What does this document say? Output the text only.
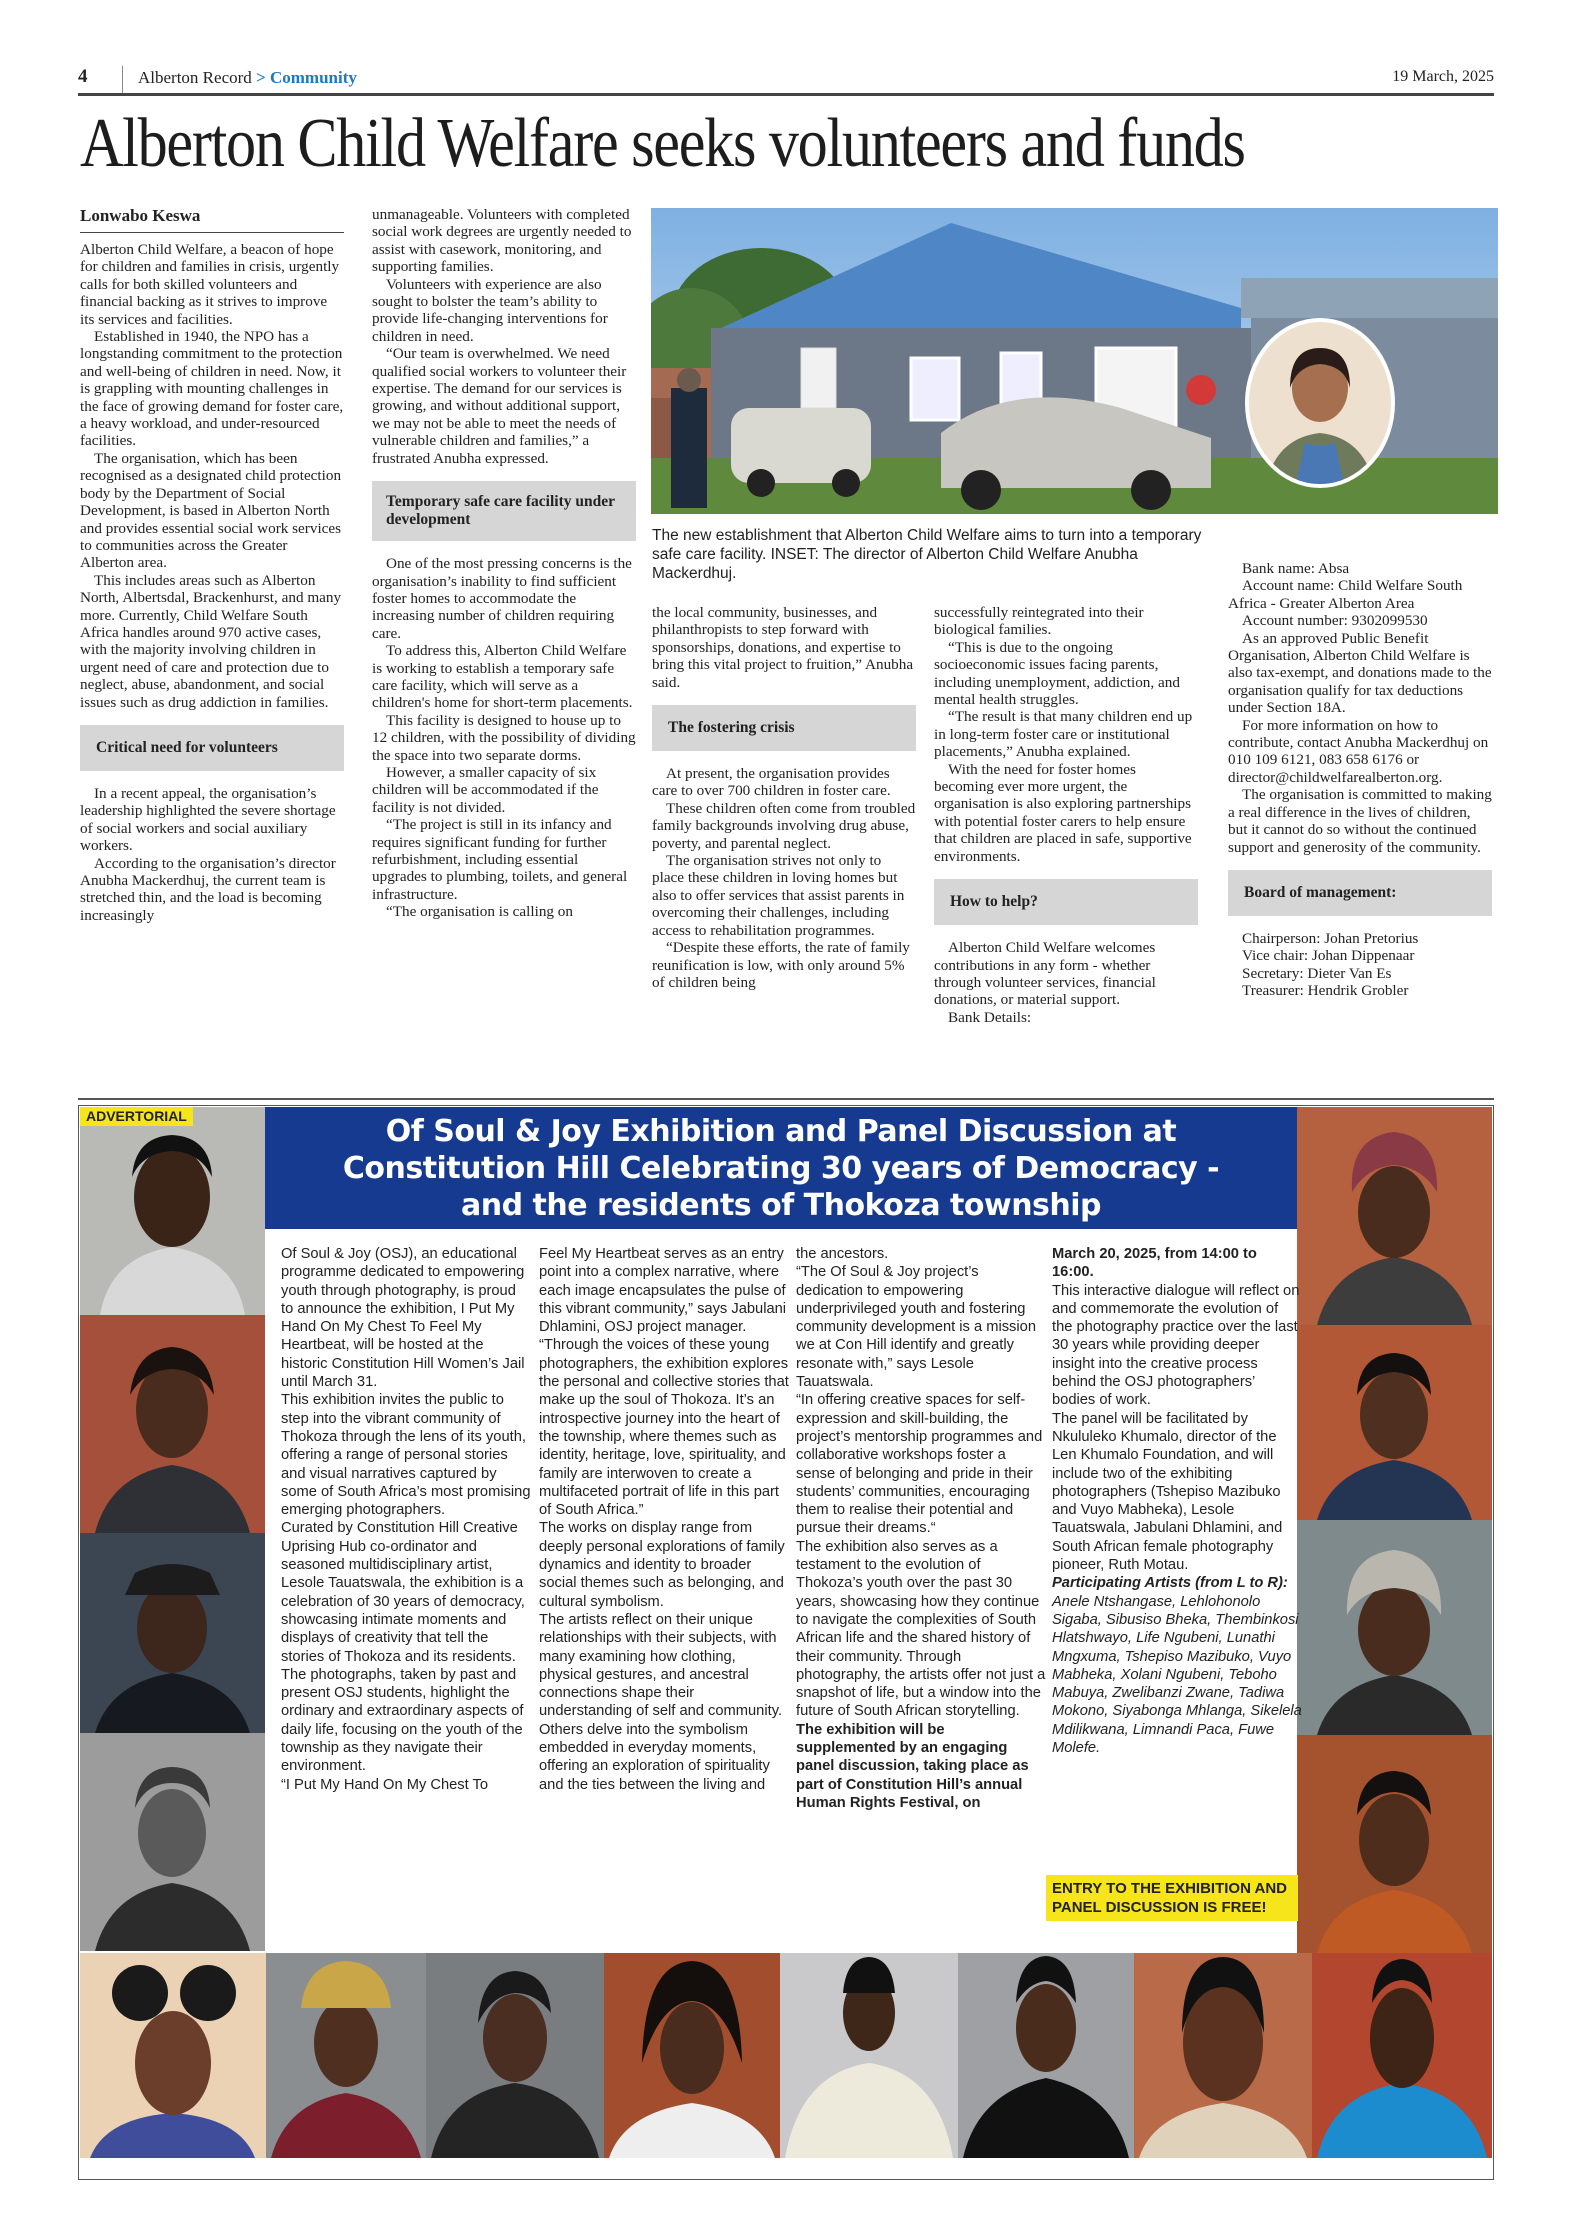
4	Alberton Record > Community	19 March, 2025
Alberton Child Welfare seeks volunteers and funds
Lonwabo Keswa

Alberton Child Welfare, a beacon of hope for children and families in crisis, urgently calls for both skilled volunteers and financial backing as it strives to improve its services and facilities.

Established in 1940, the NPO has a longstanding commitment to the protection and well-being of children in need. Now, it is grappling with mounting challenges in the face of growing demand for foster care, a heavy workload, and under-resourced facilities.

The organisation, which has been recognised as a designated child protection body by the Department of Social Development, is based in Alberton North and provides essential social work services to communities across the Greater Alberton area.

This includes areas such as Alberton North, Albertsdal, Brackenhurst, and many more. Currently, Child Welfare South Africa handles around 970 active cases, with the majority involving children in urgent need of care and protection due to neglect, abuse, abandonment, and social issues such as drug addiction in families.

Critical need for volunteers

In a recent appeal, the organisation’s leadership highlighted the severe shortage of social workers and social auxiliary workers.

According to the organisation’s director Anubha Mackerdhuj, the current team is stretched thin, and the load is becoming increasingly

unmanageable. Volunteers with completed social work degrees are urgently needed to assist with casework, monitoring, and supporting families.

Volunteers with experience are also sought to bolster the team’s ability to provide life-changing interventions for children in need.

“Our team is overwhelmed. We need qualified social workers to volunteer their expertise. The demand for our services is growing, and without additional support, we may not be able to meet the needs of vulnerable children and families,” a frustrated Anubha expressed.

Temporary safe care facility under development

One of the most pressing concerns is the organisation’s inability to find sufficient foster homes to accommodate the increasing number of children requiring care.

To address this, Alberton Child Welfare is working to establish a temporary safe care facility, which will serve as a children's home for short-term placements.

This facility is designed to house up to 12 children, with the possibility of dividing the space into two separate dorms.

However, a smaller capacity of six children will be accommodated if the facility is not divided.

“The project is still in its infancy and requires significant funding for further refurbishment, including essential upgrades to plumbing, toilets, and general infrastructure.

“The organisation is calling on

The new establishment that Alberton Child Welfare aims to turn into a temporary safe care facility. INSET: The director of Alberton Child Welfare Anubha Mackerdhuj.

the local community, businesses, and philanthropists to step forward with sponsorships, donations, and expertise to bring this vital project to fruition,” Anubha said.

The fostering crisis

At present, the organisation provides care to over 700 children in foster care.

These children often come from troubled family backgrounds involving drug abuse, poverty, and parental neglect.

The organisation strives not only to place these children in loving homes but also to offer services that assist parents in overcoming their challenges, including access to rehabilitation programmes.

“Despite these efforts, the rate of family reunification is low, with only around 5% of children being

successfully reintegrated into their biological families.

“This is due to the ongoing socioeconomic issues facing parents, including unemployment, addiction, and mental health struggles.

“The result is that many children end up in long-term foster care or institutional placements,” Anubha explained.

With the need for foster homes becoming ever more urgent, the organisation is also exploring partnerships with potential foster carers to help ensure that children are placed in safe, supportive environments.

How to help?

Alberton Child Welfare welcomes contributions in any form - whether through volunteer services, financial donations, or material support.

Bank Details:

Bank name: Absa

Account name: Child Welfare South Africa - Greater Alberton Area

Account number: 9302099530

As an approved Public Benefit Organisation, Alberton Child Welfare is also tax-exempt, and donations made to the organisation qualify for tax deductions under Section 18A.

For more information on how to contribute, contact Anubha Mackerdhuj on 010 109 6121, 083 658 6176 or director@childwelfarealberton.org.

The organisation is committed to making a real difference in the lives of children, but it cannot do so without the continued support and generosity of the community.

Board of management:

Chairperson: Johan Pretorius

Vice chair: Johan Dippenaar

Secretary: Dieter Van Es

Treasurer: Hendrik Grobler

ADVERTORIAL	Of Soul & Joy Exhibition and Panel Discussion at
Constitution Hill Celebrating 30 years of Democracy -
and the residents of Thokoza township

Of Soul & Joy (OSJ), an educational programme dedicated to empowering youth through photography, is proud to announce the exhibition, I Put My Hand On My Chest To Feel My Heartbeat, will be hosted at the historic Constitution Hill Women’s Jail until March 31.

This exhibition invites the public to step into the vibrant community of Thokoza through the lens of its youth, offering a range of personal stories and visual narratives captured by some of South Africa’s most promising emerging photographers.

Curated by Constitution Hill Creative Uprising Hub co-ordinator and seasoned multidisciplinary artist, Lesole Tauatswala, the exhibition is a celebration of 30 years of democracy, showcasing intimate moments and displays of creativity that tell the stories of Thokoza and its residents.

The photographs, taken by past and present OSJ students, highlight the ordinary and extraordinary aspects of daily life, focusing on the youth of the township as they navigate their environment.

“I Put My Hand On My Chest To

Feel My Heartbeat serves as an entry point into a complex narrative, where each image encapsulates the pulse of this vibrant community,” says Jabulani Dhlamini, OSJ project manager.

“Through the voices of these young photographers, the exhibition explores the personal and collective stories that make up the soul of Thokoza. It’s an introspective journey into the heart of the township, where themes such as identity, heritage, love, spirituality, and family are interwoven to create a multifaceted portrait of life in this part of South Africa.”

The works on display range from deeply personal explorations of family dynamics and identity to broader social themes such as belonging, and cultural symbolism.

The artists reflect on their unique relationships with their subjects, with many examining how clothing, physical gestures, and ancestral connections shape their understanding of self and community. Others delve into the symbolism embedded in everyday moments, offering an exploration of spirituality and the ties between the living and

the ancestors.

“The Of Soul & Joy project’s dedication to empowering underprivileged youth and fostering community development is a mission we at Con Hill identify and greatly resonate with,” says Lesole Tauatswala.

“In offering creative spaces for self-expression and skill-building, the project’s mentorship programmes and collaborative workshops foster a sense of belonging and pride in their students’ communities, encouraging them to realise their potential and pursue their dreams.“

The exhibition also serves as a testament to the evolution of Thokoza’s youth over the past 30 years, showcasing how they continue to navigate the complexities of South African life and the shared history of their community. Through photography, the artists offer not just a snapshot of life, but a window into the future of South African storytelling.

The exhibition will be supplemented by an engaging panel discussion, taking place as part of Constitution Hill’s annual Human Rights Festival, on

March 20, 2025, from 14:00 to 16:00.

This interactive dialogue will reflect on and commemorate the evolution of the photography practice over the last 30 years while providing deeper insight into the creative process behind the OSJ photographers’ bodies of work.

The panel will be facilitated by Nkululeko Khumalo, director of the Len Khumalo Foundation, and will include two of the exhibiting photographers (Tshepiso Mazibuko and Vuyo Mabheka), Lesole Tauatswala, Jabulani Dhlamini, and South African female photography pioneer, Ruth Motau.

Participating Artists (from L to R):

Anele Ntshangase, Lehlohonolo Sigaba, Sibusiso Bheka, Thembinkosi Hlatshwayo, Life Ngubeni, Lunathi Mngxuma, Tshepiso Mazibuko, Vuyo Mabheka, Xolani Ngubeni, Teboho Mabuya, Zwelibanzi Zwane, Tadiwa Mokono, Siyabonga Mhlanga, Sikelela Mdilikwana, Limnandi Paca, Fuwe Molefe.

ENTRY TO THE EXHIBITION AND PANEL DISCUSSION IS FREE!
